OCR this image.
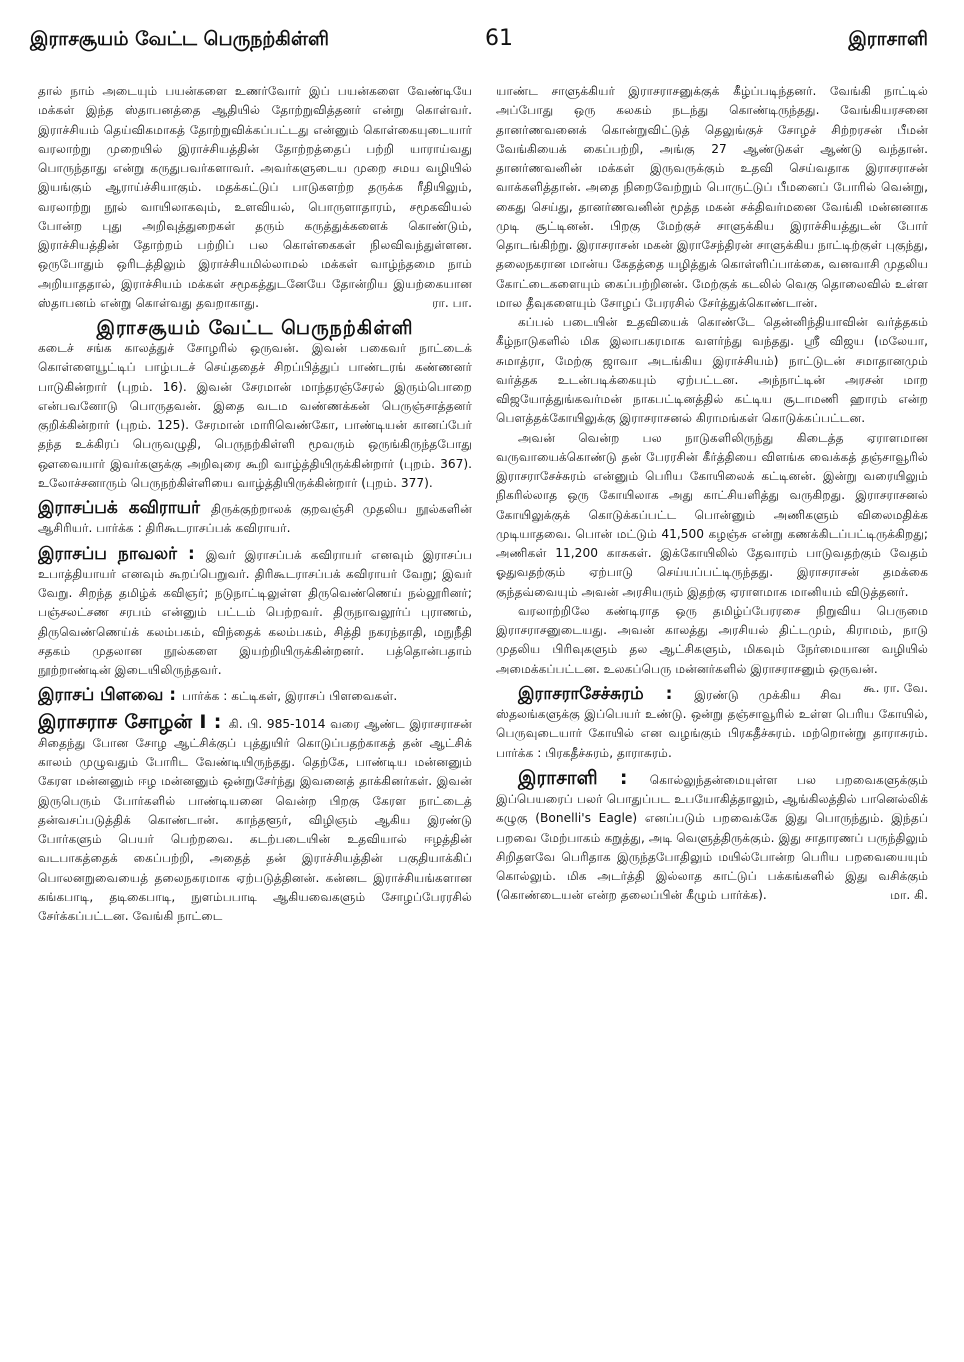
இராசசூயம் வேட்ட பெருநற்கிள்ளி	61	இராசாளி

தால் நாம் அடையும் பயன்களை உணர்வோர் இப் பயன்களை வேண்டியே மக்கள் இந்த ஸ்தாபனத்தை ஆதியில் தோற்றுவித்தனர் என்று கொள்வர். இராச்சியம் தெய்விகமாகத் தோற்றுவிக்கப்பட்டது என்னும் கொள்கையுடையார் வரலாற்று முறையில் இராச்சியத்தின் தோற்றத்தைப் பற்றி யாராய்வது பொருந்தாது என்று கருதுபவர்களாவர். அவர்களுடைய முறை சமய வழியில் இயங்கும் ஆராய்ச்சியாகும். மதக்கட்டுப் பாடுகளற்ற தருக்க ரீதியிலும், வரலாற்று நூல் வாயிலாகவும், உளவியல், பொருளாதாரம், சமூகவியல் போன்ற புது அறிவுத்துறைகள் தரும் கருத்துக்களைக் கொண்டும், இராச்சியத்தின் தோற்றம் பற்றிப் பல கொள்கைகள் நிலவிவந்துள்ளன. ஒருபோதும் ஒரிடத்திலும் இராச்சியமில்லாமல் மக்கள் வாழ்ந்தமை நாம் அறியாததால், இராச்சியம் மக்கள் சமூகத்துடனேயே தோன்றிய இயற்கையான ஸ்தாபனம் என்று கொள்வது தவறாகாது.	ரா. பா.

இராசசூயம் வேட்ட பெருநற்கிள்ளி
கடைச் சங்க காலத்துச் சோழரில் ஒருவன். இவன் பகைவர் நாட்டைக் கொள்ளையூட்டிப் பாழ்படச் செய்ததைச் சிறப்பித்துப் பாண்டரங் கண்ணனர் பாடுகின்றார் (புறம். 16). இவன் சேரமான் மாந்தரஞ்சேரல் இரும்பொறை என்பவனோடு பொருதவன். இதை வடம வண்ணக்கன் பெருஞ்சாத்தனர் குறிக்கின்றார் (புறம். 125). சேரமான் மாரிவெண்கோ, பாண்டியன் கானப்பேர் தந்த உக்கிரப் பெருவழுதி, பெருநற்கிள்ளி மூவரும் ஒருங்கிருந்தபோது ஔவையார் இவர்களுக்கு அறிவுரை கூறி வாழ்த்தியிருக்கின்றார் (புறம். 367). உலோச்சனாரும் பெருநற்கிள்ளியை வாழ்த்தியிருக்கின்றார் (புறம். 377).

இராசப்பக் கவிராயர் திருக்குற்றாலக் குறவஞ்சி முதலிய நூல்களின் ஆசிரியர். பார்க்க : திரிகூடராசப்பக் கவிராயர்.

இராசப்ப நாவலர் : இவர் இராசப்பக் கவிராயர் எனவும் இராசப்ப உபாத்தியாயர் எனவும் கூறப்பெறுவர். திரிகூடராசப்பக் கவிராயர் வேறு; இவர் வேறு. சிறந்த தமிழ்க் கவிஞர்; நடுநாட்டிலுள்ள திருவெண்ணெய் நல்லூரினர்; பஞ்சலட்சண சரபம் என்னும் பட்டம் பெற்றவர். திருநாவலூர்ப் புராணம், திருவெண்ணெய்க் கலம்பகம், விந்தைக் கலம்பகம், சித்தி நகரந்தாதி, மநுநீதி சதகம் முதலான நூல்களை இயற்றியிருக்கின்றனர். பத்தொன்பதாம் நூற்றாண்டின் இடையிலிருந்தவர்.

இராசப் பிளவை : பார்க்க : கட்டிகள், இராசப் பிளவைகள்.

இராசராச சோழன் I : கி. பி. 985-1014 வரை ஆண்ட இராசராசன் சிதைந்து போன சோழ ஆட்சிக்குப் புத்துயிர் கொடுப்பதற்காகத் தன் ஆட்சிக் காலம் முழுவதும் போரிட வேண்டியிருந்தது. தெற்கே, பாண்டிய மன்னனும் கேரள மன்னனும் ஈழ மன்னனும் ஒன்றுசேர்ந்து இவனைத் தாக்கினர்கள். இவன் இருபெரும் போர்களில் பாண்டியனை வென்ற பிறகு கேரள நாட்டைத் தன்வசப்படுத்திக் கொண்டான். காந்தளூர், விழிஞம் ஆகிய இரண்டு போர்களும் பெயர் பெற்றவை. கடற்படையின் உதவியால் ஈழத்தின் வடபாகத்தைக் கைப்பற்றி, அதைத் தன் இராச்சியத்தின் பகுதியாக்கிப் பொலனறுவையைத் தலைநகரமாக ஏற்படுத்தினன். கன்னட இராச்சியங்களான கங்கபாடி, தடிகைபாடி, நுளம்பபாடி ஆகியவைகளும் சோழப்பேரரசில் சேர்க்கப்பட்டன. வேங்கி நாட்டை

யாண்ட சாளுக்கியர் இராசராசனுக்குக் கீழ்ப்படிந்தனர். வேங்கி நாட்டில் அப்போது ஒரு கலகம் நடந்து கொண்டிருந்தது. வேங்கியரசனை தானர்ணவனைக் கொன்றுவிட்டுத் தெலுங்குச் சோழச் சிற்றரசன் பீமன் வேங்கியைக் கைப்பற்றி, அங்கு 27 ஆண்டுகள் ஆண்டு வந்தான். தானர்ணவனின் மக்கள் இருவருக்கும் உதவி செய்வதாக இராசராசன் வாக்களித்தான். அதை நிறைவேற்றும் பொருட்டுப் பீமனைப் போரில் வென்று, கைது செய்து, தானர்ணவனின் மூத்த மகன் சக்திவர்மனை வேங்கி மன்னனாக முடி சூட்டினன். பிறகு மேற்குச் சாளுக்கிய இராச்சியத்துடன் போர் தொடங்கிற்று. இராசராசன் மகன் இராசேந்திரன் சாளுக்கிய நாட்டிற்குள் புகுந்து, தலைநகரான மான்ய கேதத்தை யழித்துக் கொள்ளிப்பாக்கை, வனவாசி முதலிய கோட்டைகளையும் கைப்பற்றினன். மேற்குக் கடலில் வெகு தொலைவில் உள்ள மால தீவுகளையும் சோழப் பேரரசில் சேர்த்துக்கொண்டான்.

கப்பல் படையின் உதவியைக் கொண்டே தென்னிந்தியாவின் வர்த்தகம் கீழ்நாடுகளில் மிக இலாபகரமாக வளர்ந்து வந்தது. ஸ்ரீ விஜய (மலேயா, சுமாத்ரா, மேற்கு ஜாவா அடங்கிய இராச்சியம்) நாட்டுடன் சமாதானமும் வர்த்தக உடன்படிக்கையும் ஏற்பட்டன. அந்நாட்டின் அரசன் மாற விஜயோத்துங்கவர்மன் நாகபட்டினத்தில் கட்டிய சூடாமணி ஹாரம் என்ற பௌத்தக்கோயிலுக்கு இராசராசனல் கிராமங்கள் கொடுக்கப்பட்டன.

அவன் வென்ற பல நாடுகளிலிருந்து கிடைத்த ஏராளமான வருவாயைக்கொண்டு தன் பேரரசின் கீர்த்தியை விளங்க வைக்கத் தஞ்சாவூரில் இராசராசேச்சுரம் என்னும் பெரிய கோயிலைக் கட்டினன். இன்று வரையிலும் நிகரில்லாத ஒரு கோயிலாக அது காட்சியளித்து வருகிறது. இராசராசனல் கோயிலுக்குக் கொடுக்கப்பட்ட பொன்னும் அணிகளும் விலைமதிக்க முடியாதவை. பொன் மட்டும் 41,500 கழஞ்சு என்று கணக்கிடப்பட்டிருக்கிறது; அணிகள் 11,200 காசுகள். இக்கோயிலில் தேவாரம் பாடுவதற்கும் வேதம் ஓதுவதற்கும் ஏற்பாடு செய்யப்பட்டிருந்தது. இராசராசன் தமக்கை குந்தவ்வையும் அவன் அரசியரும் இதற்கு ஏராளமாக மானியம் விடுத்தனர்.

வரலாற்றிலே கண்டிராத ஒரு தமிழ்ப்பேரரசை நிறுவிய பெருமை இராசராசனுடையது. அவன் காலத்து அரசியல் திட்டமும், கிராமம், நாடு முதலிய பிரிவுகளும் தல ஆட்சிகளும், மிகவும் நேர்மையான வழியில் அமைக்கப்பட்டன. உலகப்பெரு மன்னர்களில் இராசராசனும் ஒருவன்.
கூ. ரா. வே.

இராசராசேச்சுரம் : இரண்டு முக்கிய சிவ ஸ்தலங்களுக்கு இப்பெயர் உண்டு. ஒன்று தஞ்சாவூரில் உள்ள பெரிய கோயில், பெருவுடையார் கோயில் என வழங்கும் பிரகதீச்சுரம். மற்றொன்று தாராசுரம். பார்க்க : பிரகதீச்சுரம், தாராசுரம்.

இராசாளி : கொல்லுந்தன்மையுள்ள பல பறவைகளுக்கும் இப்பெயரைப் பலர் பொதுப்பட உபயோகித்தாலும், ஆங்கிலத்தில் பானெல்லிக் கழுகு (Bonelli's Eagle) எனப்படும் பறவைக்கே இது பொருந்தும். இந்தப் பறவை மேற்பாகம் கறுத்து, அடி வெளுத்திருக்கும். இது சாதாரணப் பருந்திலும் சிறிதளவே பெரிதாக இருந்தபோதிலும் மயில்போன்ற பெரிய பறவையையும் கொல்லும். மிக அடர்த்தி இல்லாத காட்டுப் பக்கங்களில் இது வசிக்கும் (கொண்டையன் என்ற தலைப்பின் கீழும் பார்க்க).	மா. கி.
